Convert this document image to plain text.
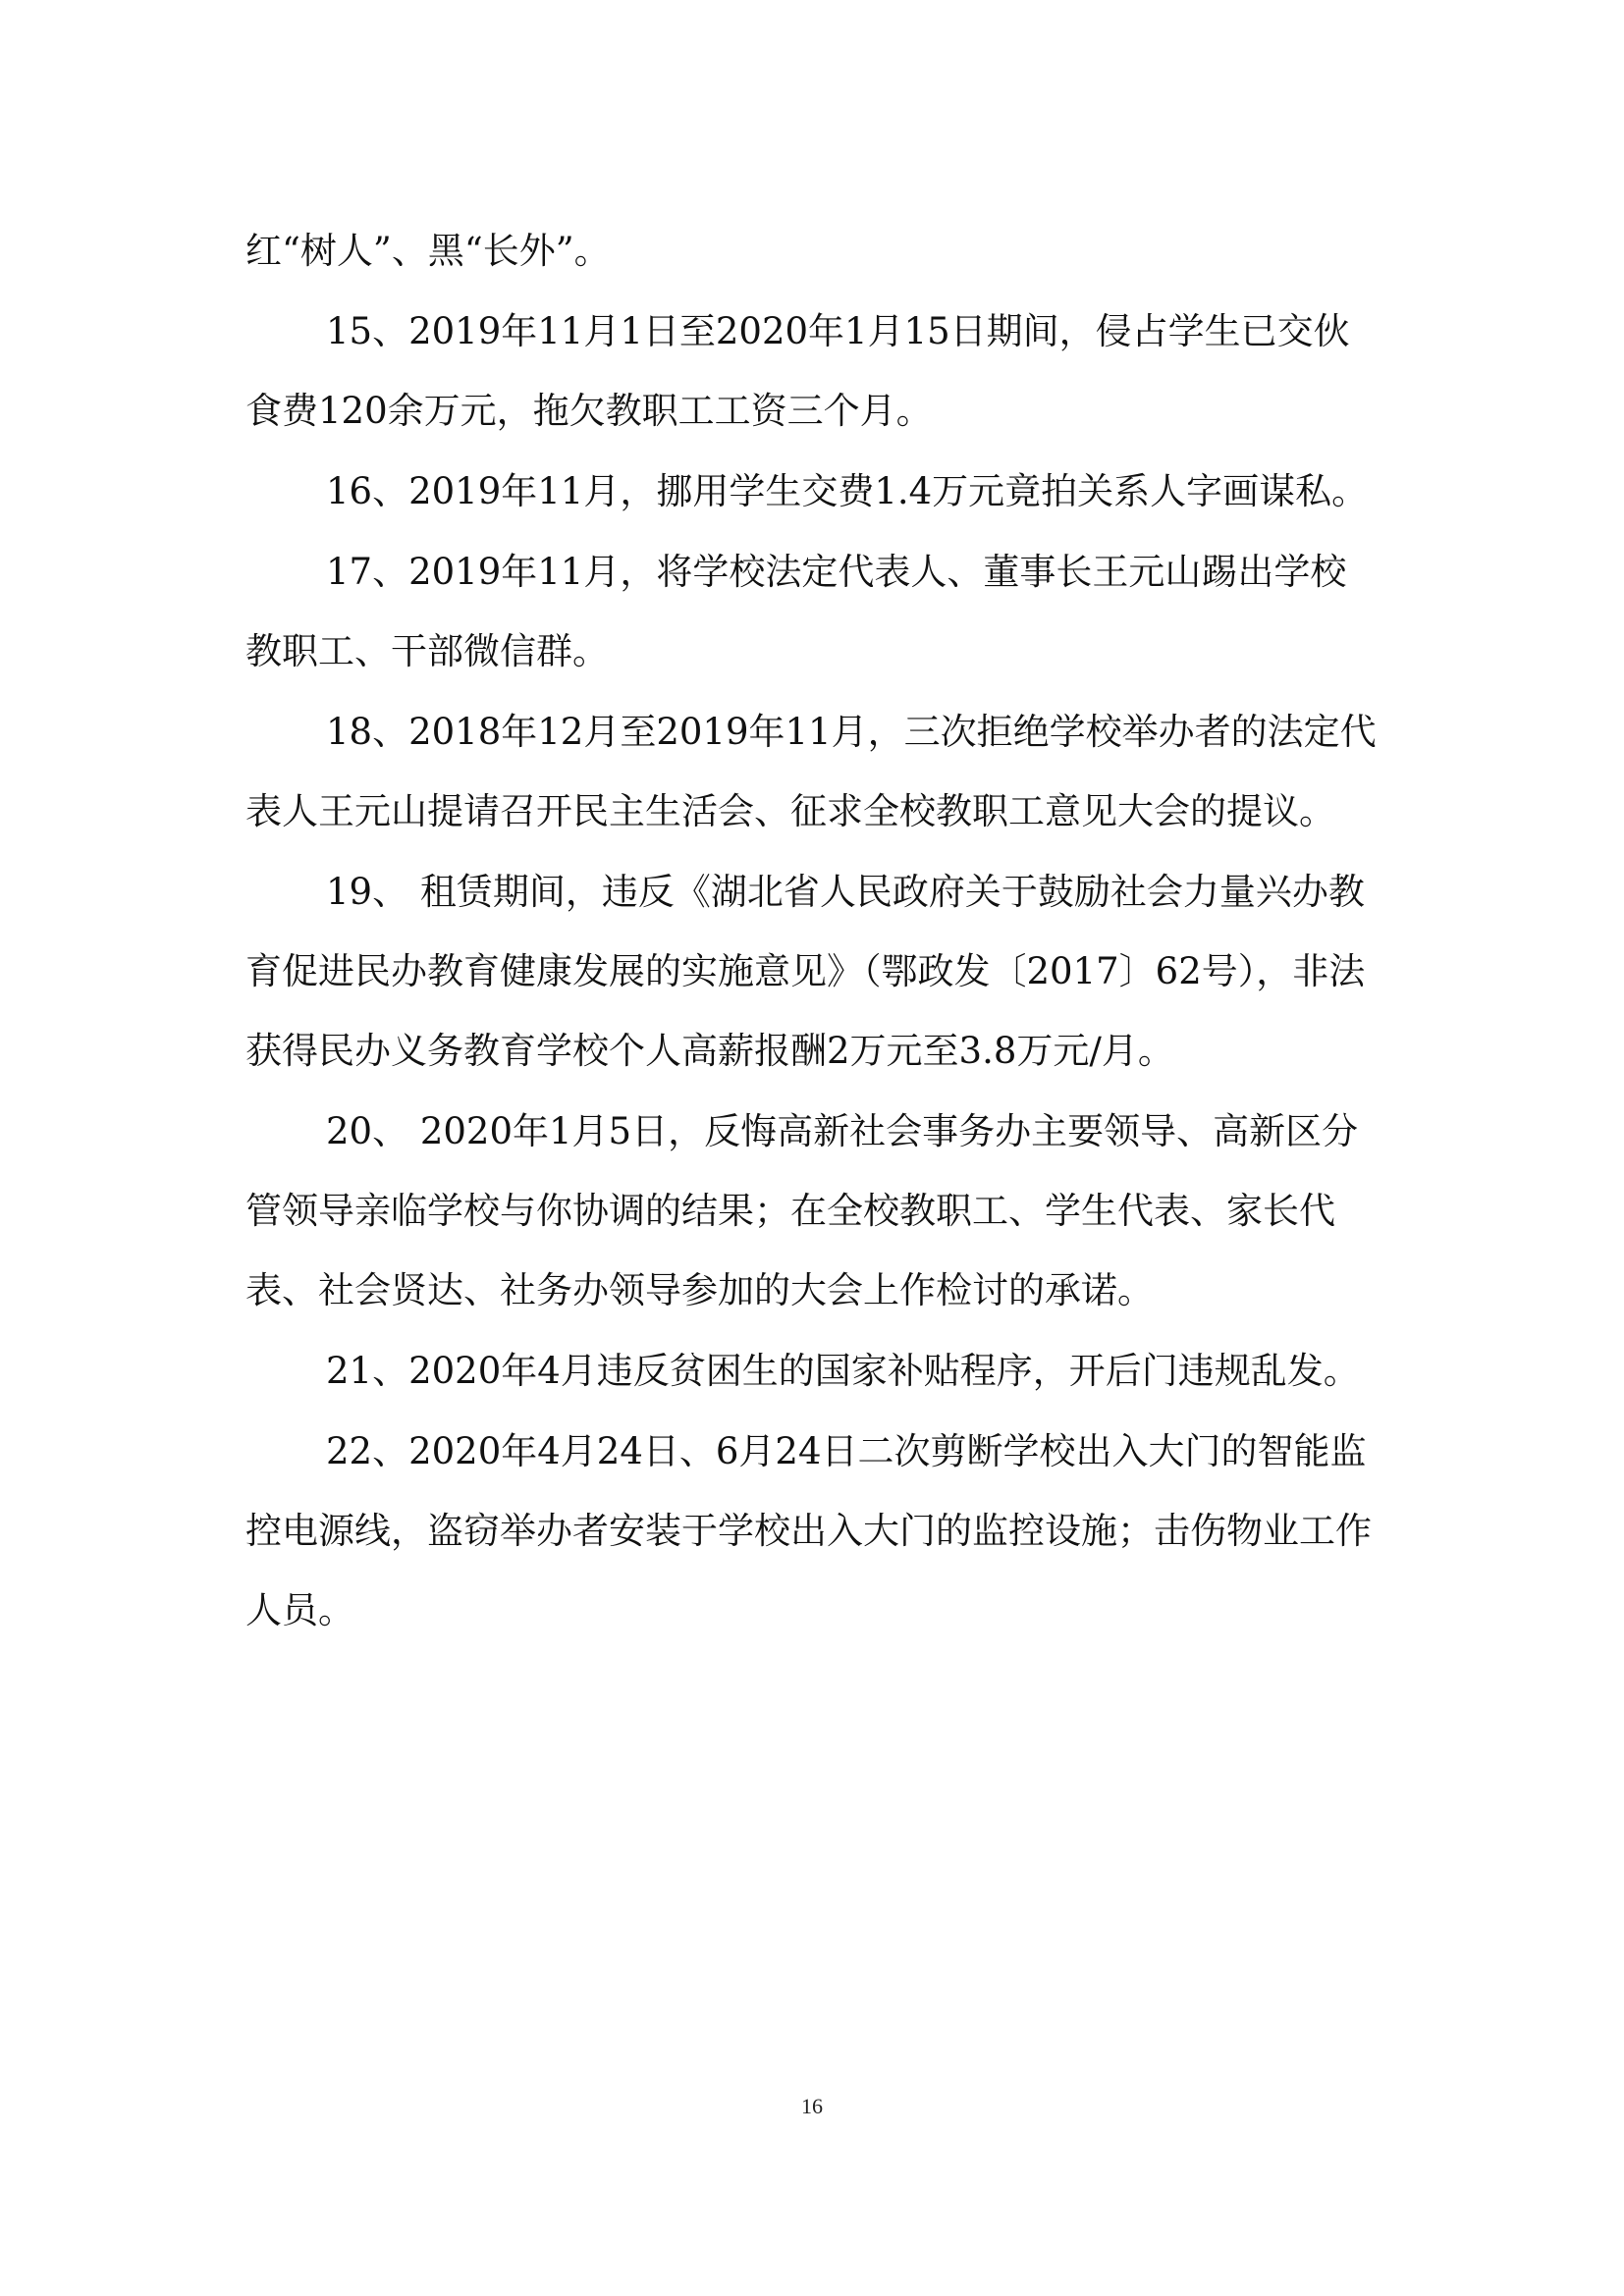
红“树人”、黑“长外”。

15、2019年11月1日至2020年1月15日期间，侵占学生已交伙食费120余万元，拖欠教职工工资三个月。

16、2019年11月，挪用学生交费1.4万元竟拍关系人字画谋私。

17、2019年11月，将学校法定代表人、董事长王元山踢出学校教职工、干部微信群。

18、2018年12月至2019年11月，三次拒绝学校举办者的法定代表人王元山提请召开民主生活会、征求全校教职工意见大会的提议。

19、 租赁期间，违反《湖北省人民政府关于鼓励社会力量兴办教育促进民办教育健康发展的实施意见》（鄂政发〔2017〕62号），非法获得民办义务教育学校个人高薪报酬2万元至3.8万元/月。

20、 2020年1月5日，反悔高新社会事务办主要领导、高新区分管领导亲临学校与你协调的结果；在全校教职工、学生代表、家长代表、社会贤达、社务办领导参加的大会上作检讨的承诺。

21、2020年4月违反贫困生的国家补贴程序，开后门违规乱发。

22、2020年4月24日、6月24日二次剪断学校出入大门的智能监控电源线，盗窃举办者安装于学校出入大门的监控设施；击伤物业工作人员。

16
